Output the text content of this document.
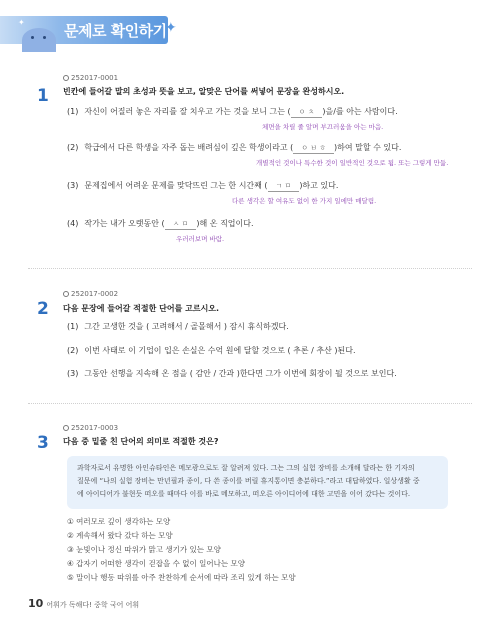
✦	문제로 확인하기
✦
1
252017-0001
빈칸에 들어갈 말의 초성과 뜻을 보고, 알맞은 단어를 써넣어 문장을 완성하시오.
(1) 자신이 어질러 놓은 자리를 잘 치우고 가는 것을 보니 그는 ( ㅇ ㅊ )을/를 아는 사람이다.
체면을 차릴 줄 알며 부끄러움을 아는 마음.
(2) 학급에서 다른 학생을 자주 돕는 배려심이 깊은 학생이라고 ( ㅇ ㅂ ㅎ )하여 말할 수 있다.
개별적인 것이나 특수한 것이 일반적인 것으로 됨. 또는 그렇게 만듦.
(3) 문제집에서 어려운 문제를 맞닥뜨린 그는 한 시간째 ( ㄱ ㅁ )하고 있다.
다른 생각은 할 여유도 없이 한 가지 일에만 매달림.
(4) 작가는 내가 오랫동안 ( ㅅ ㅁ )해 온 직업이다.
우러러보며 바람.
2
252017-0002
다음 문장에 들어갈 적절한 단어를 고르시오.
(1) 그간 고생한 것을 ( 고려해서 / 골몰해서 ) 잠시 휴식하겠다.
(2) 이번 사태로 이 기업이 입은 손실은 수억 원에 달할 것으로 ( 추론 / 추산 )된다.
(3) 그동안 선행을 지속해 온 점을 ( 감안 / 간과 )한다면 그가 이번에 회장이 될 것으로 보인다.
3
252017-0003
다음 중 밑줄 친 단어의 의미로 적절한 것은?
과학자로서 유명한 아인슈타인은 메모광으로도 잘 알려져 있다. 그는 그의 실험 장비를 소개해 달라는 한 기자의
질문에 “나의 실험 장비는 만년필과 종이, 다 쓴 종이를 버릴 휴지통이면 충분하다.”라고 대답하였다. 일상생활 중
에 아이디어가 불현듯 떠오를 때마다 이를 바로 메모하고, 떠오른 아이디어에 대한 고민을 이어 갔다는 것이다.
① 여러모로 깊이 생각하는 모양
② 계속해서 왔다 갔다 하는 모양
③ 눈빛이나 정신 따위가 맑고 생기가 있는 모양
④ 갑자기 어떠한 생각이 걷잡을 수 없이 일어나는 모양
⑤ 말이나 행동 따위를 아주 찬찬하게 순서에 따라 조리 있게 하는 모양
10 어휘가 독해다! 중학 국어 어휘
